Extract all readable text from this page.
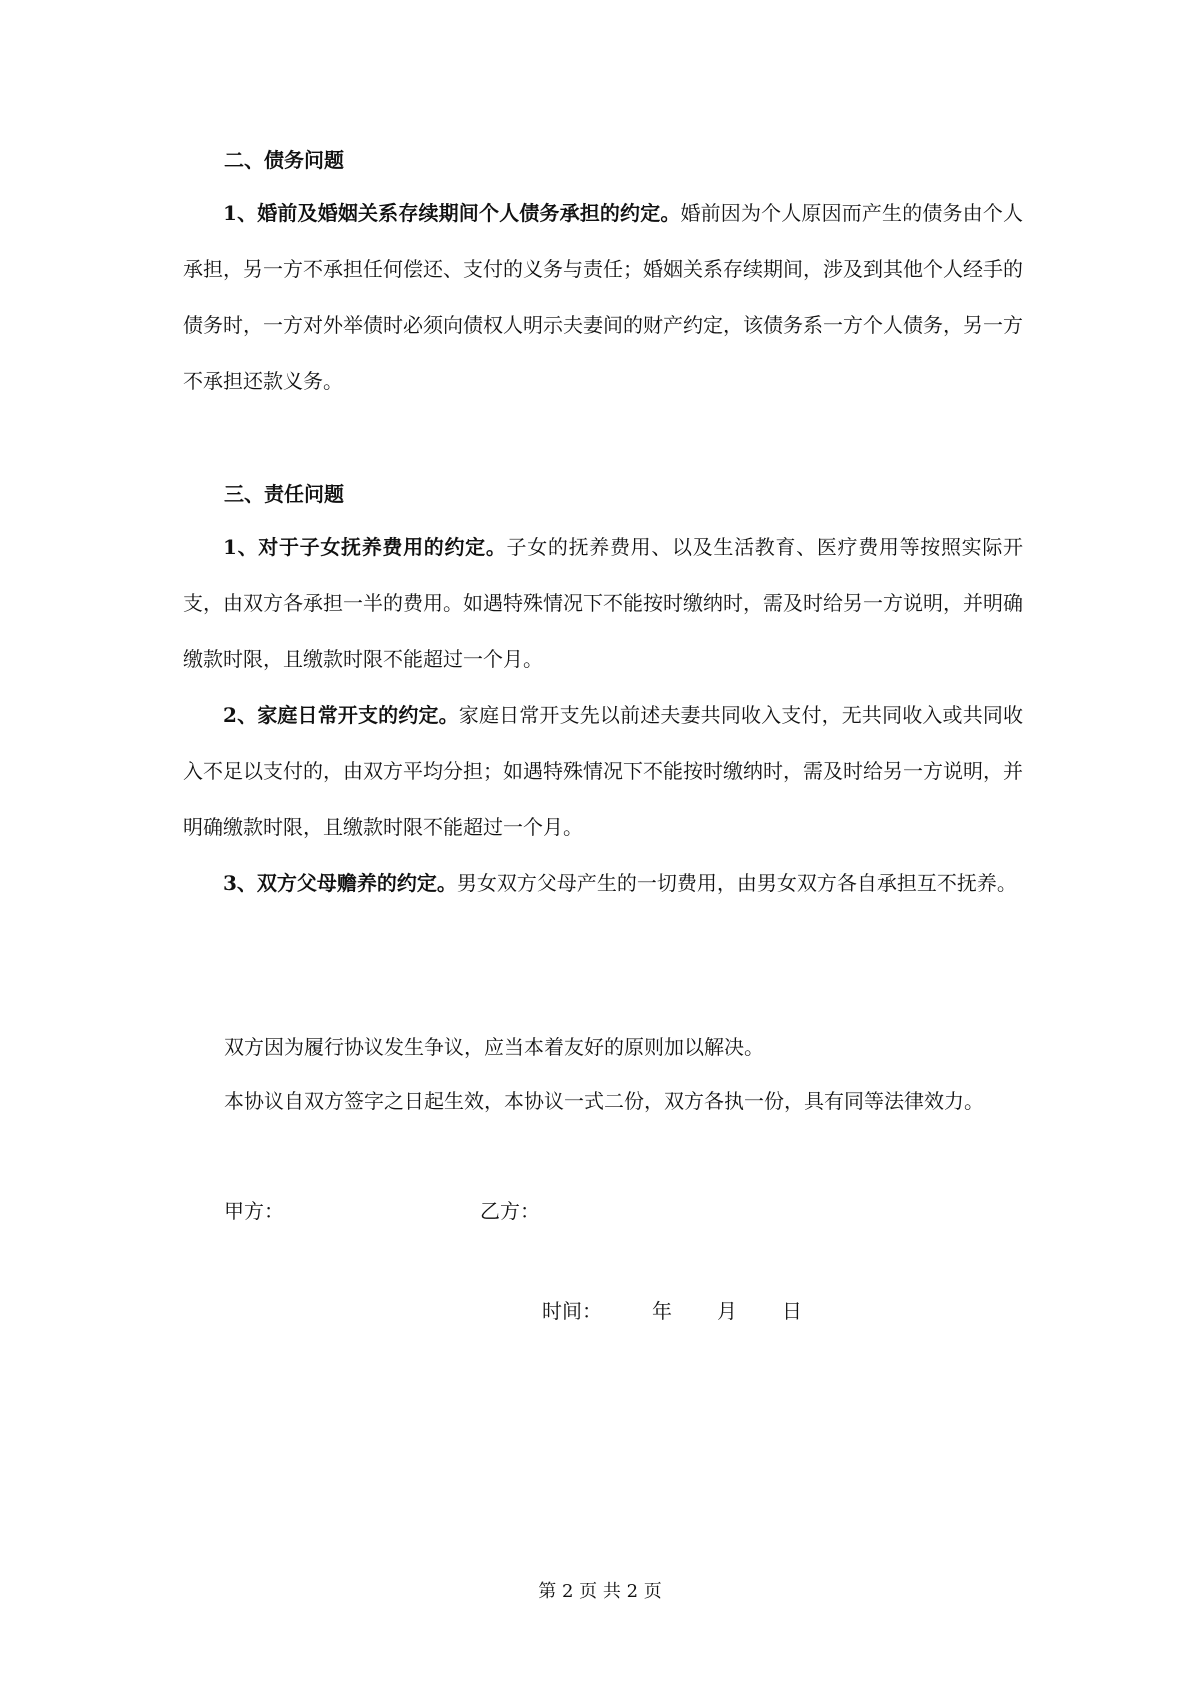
二、债务问题

1、婚前及婚姻关系存续期间个人债务承担的约定。婚前因为个人原因而产生的债务由个人承担，另一方不承担任何偿还、支付的义务与责任；婚姻关系存续期间，涉及到其他个人经手的债务时，一方对外举债时必须向债权人明示夫妻间的财产约定，该债务系一方个人债务，另一方不承担还款义务。

三、责任问题

1、对于子女抚养费用的约定。子女的抚养费用、以及生活教育、医疗费用等按照实际开支，由双方各承担一半的费用。如遇特殊情况下不能按时缴纳时，需及时给另一方说明，并明确缴款时限，且缴款时限不能超过一个月。

2、家庭日常开支的约定。家庭日常开支先以前述夫妻共同收入支付，无共同收入或共同收入不足以支付的，由双方平均分担；如遇特殊情况下不能按时缴纳时，需及时给另一方说明，并明确缴款时限，且缴款时限不能超过一个月。

3、双方父母赡养的约定。男女双方父母产生的一切费用，由男女双方各自承担互不抚养。

双方因为履行协议发生争议，应当本着友好的原则加以解决。
本协议自双方签字之日起生效，本协议一式二份，双方各执一份，具有同等法律效力。
甲方：	乙方：
时间：	年 月 日
第 2 页 共 2 页
